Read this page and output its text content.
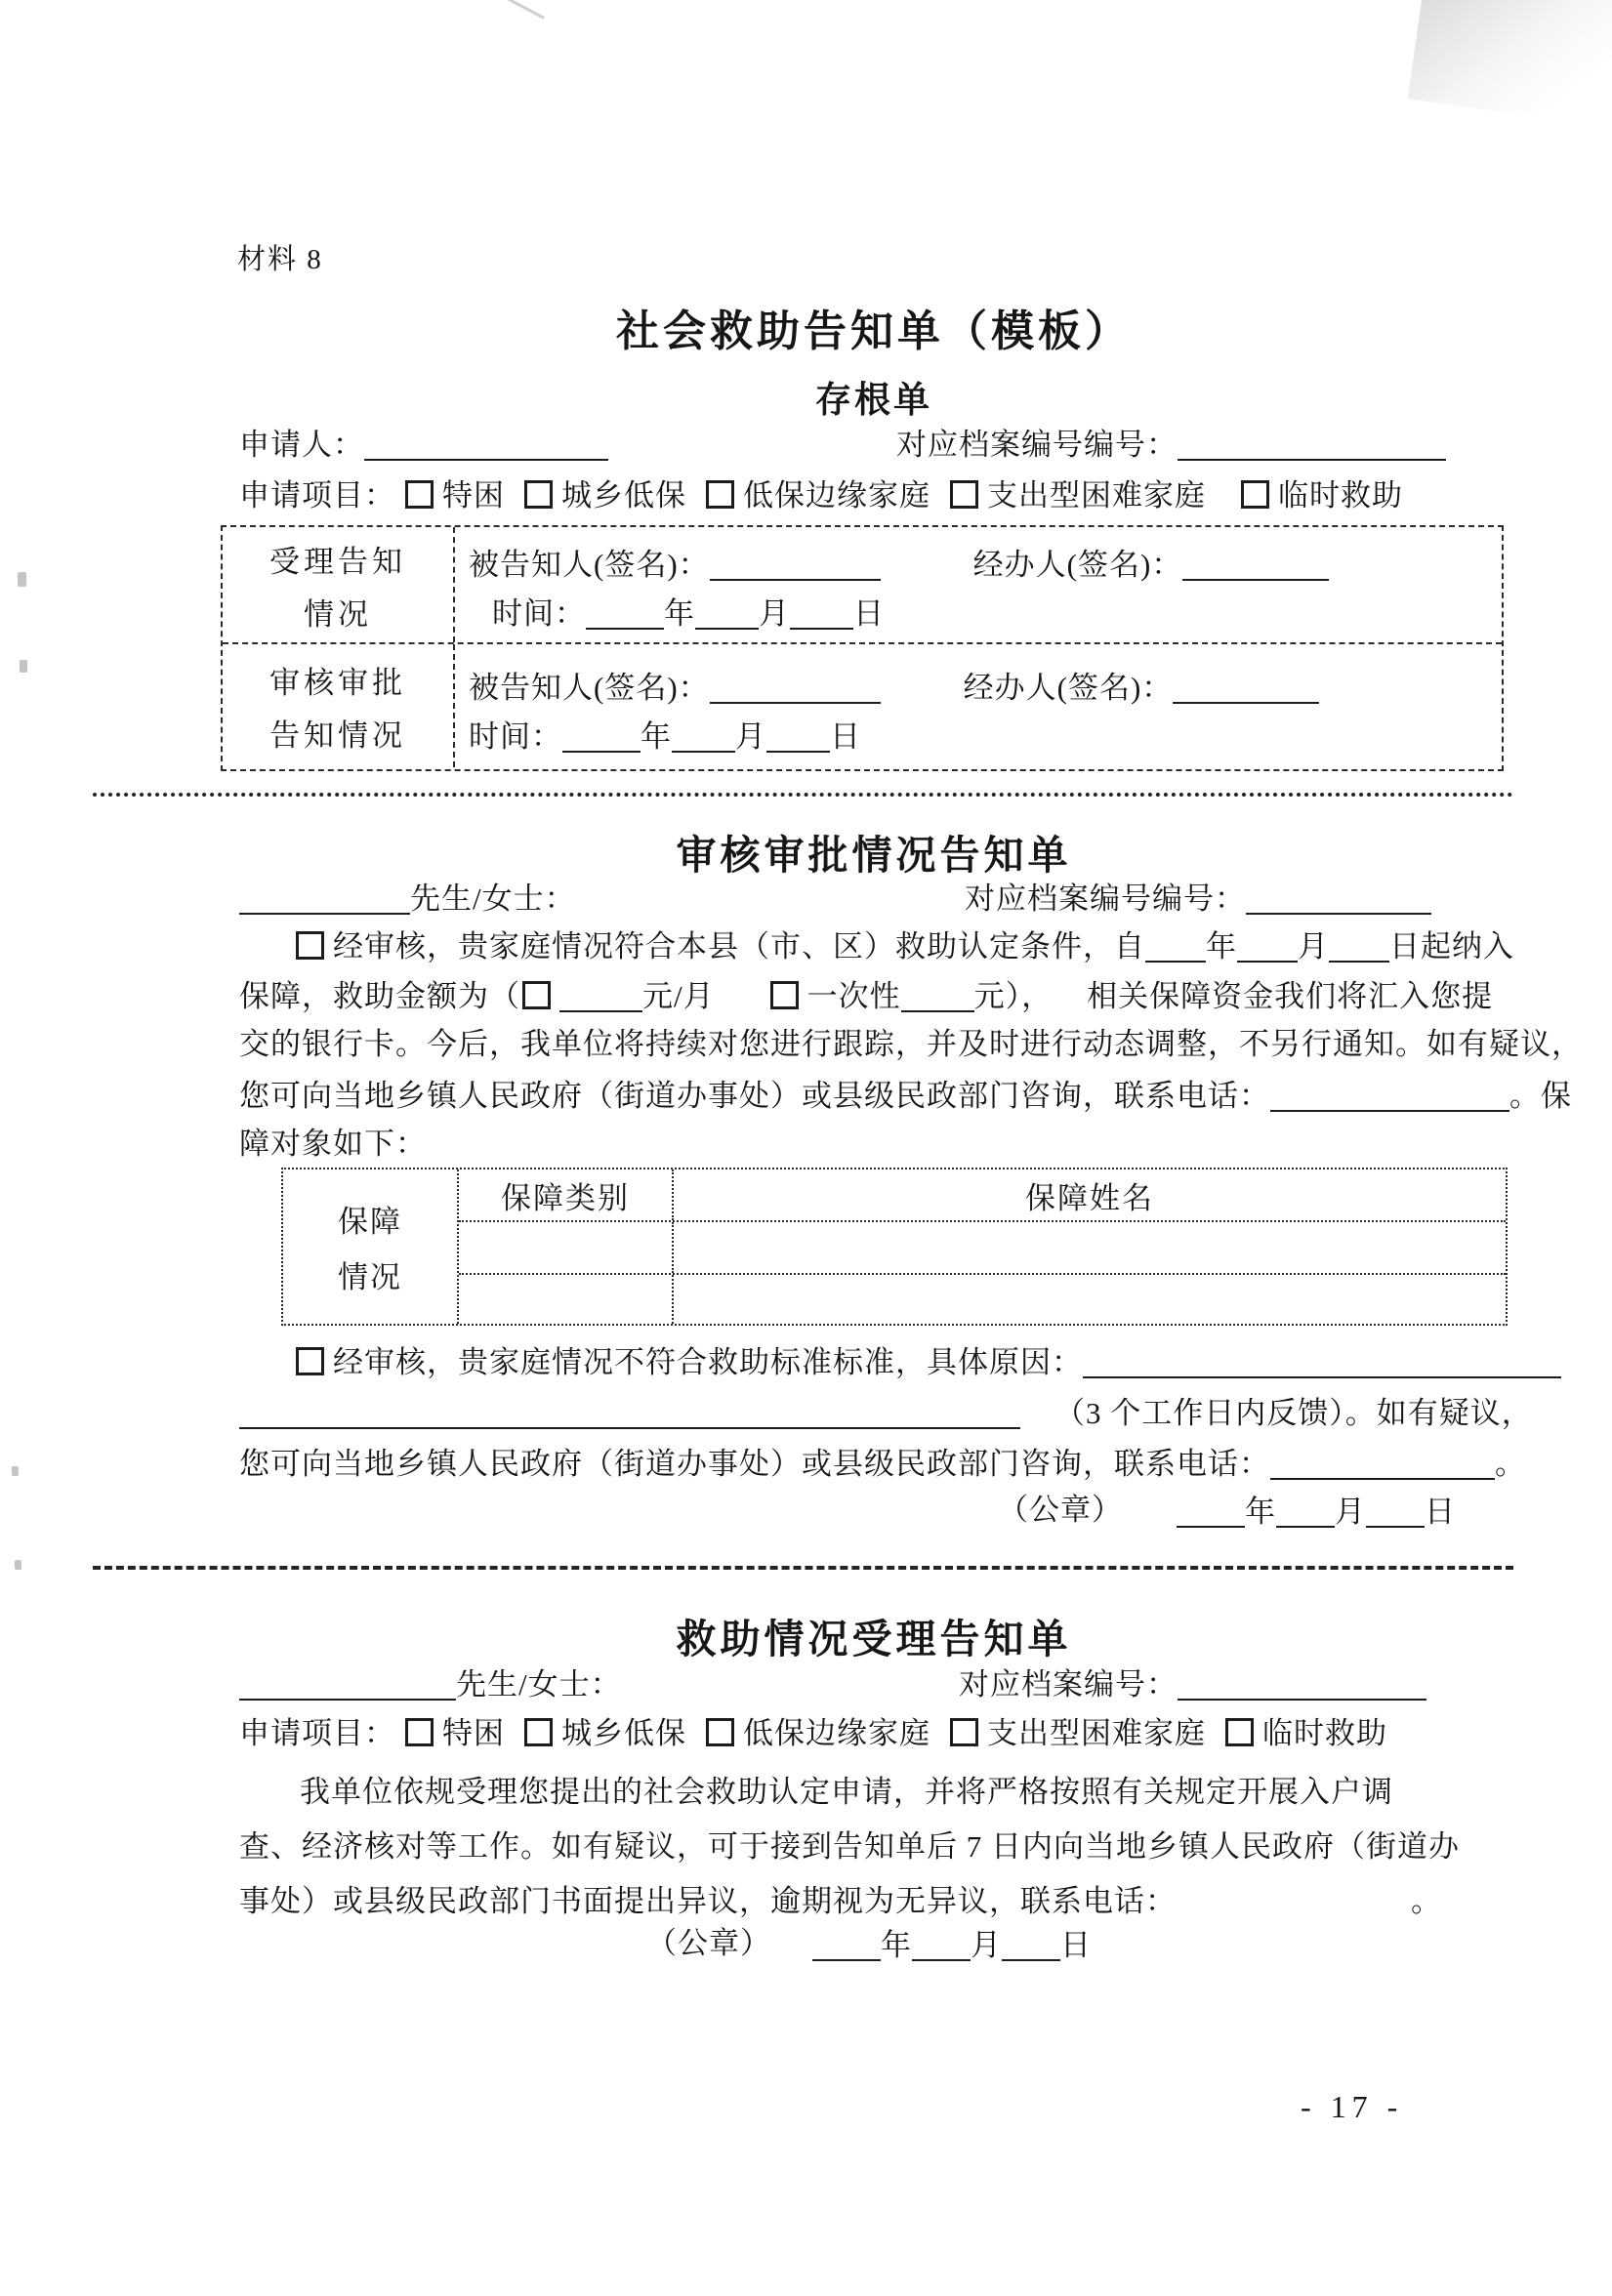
材料 8
社会救助告知单（模板）
存根单
申请人：	对应档案编号编号：
申请项目： 特困 城乡低保 低保边缘家庭 支出型困难家庭 临时救助
受理告知
情况
被告知人(签名)：	经办人(签名)：
时间：	年 月 日
审核审批
告知情况
被告知人(签名)：	经办人(签名)：
时间：	年 月 日
审核审批情况告知单
先生/女士：	对应档案编号编号：
经审核，贵家庭情况符合本县（市、区）救助认定条件，自 年 月 日起纳入
保障，救助金额为（	元/月	一次性 元）， 相关保障资金我们将汇入您提
交的银行卡。今后，我单位将持续对您进行跟踪，并及时进行动态调整，不另行通知。如有疑议，
您可向当地乡镇人民政府（街道办事处）或县级民政部门咨询，联系电话：	。保
障对象如下：
保障
情况
保障类别	保障姓名
经审核，贵家庭情况不符合救助标准标准，具体原因：
（3 个工作日内反馈）。如有疑议，
您可向当地乡镇人民政府（街道办事处）或县级民政部门咨询，联系电话：	。
（公章）	年 月 日
救助情况受理告知单
先生/女士：	对应档案编号：
申请项目： 特困 城乡低保 低保边缘家庭 支出型困难家庭 临时救助
我单位依规受理您提出的社会救助认定申请，并将严格按照有关规定开展入户调
查、经济核对等工作。如有疑议，可于接到告知单后 7 日内向当地乡镇人民政府（街道办
事处）或县级民政部门书面提出异议，逾期视为无异议，联系电话：	。
（公章）	年 月 日
- 17 -
